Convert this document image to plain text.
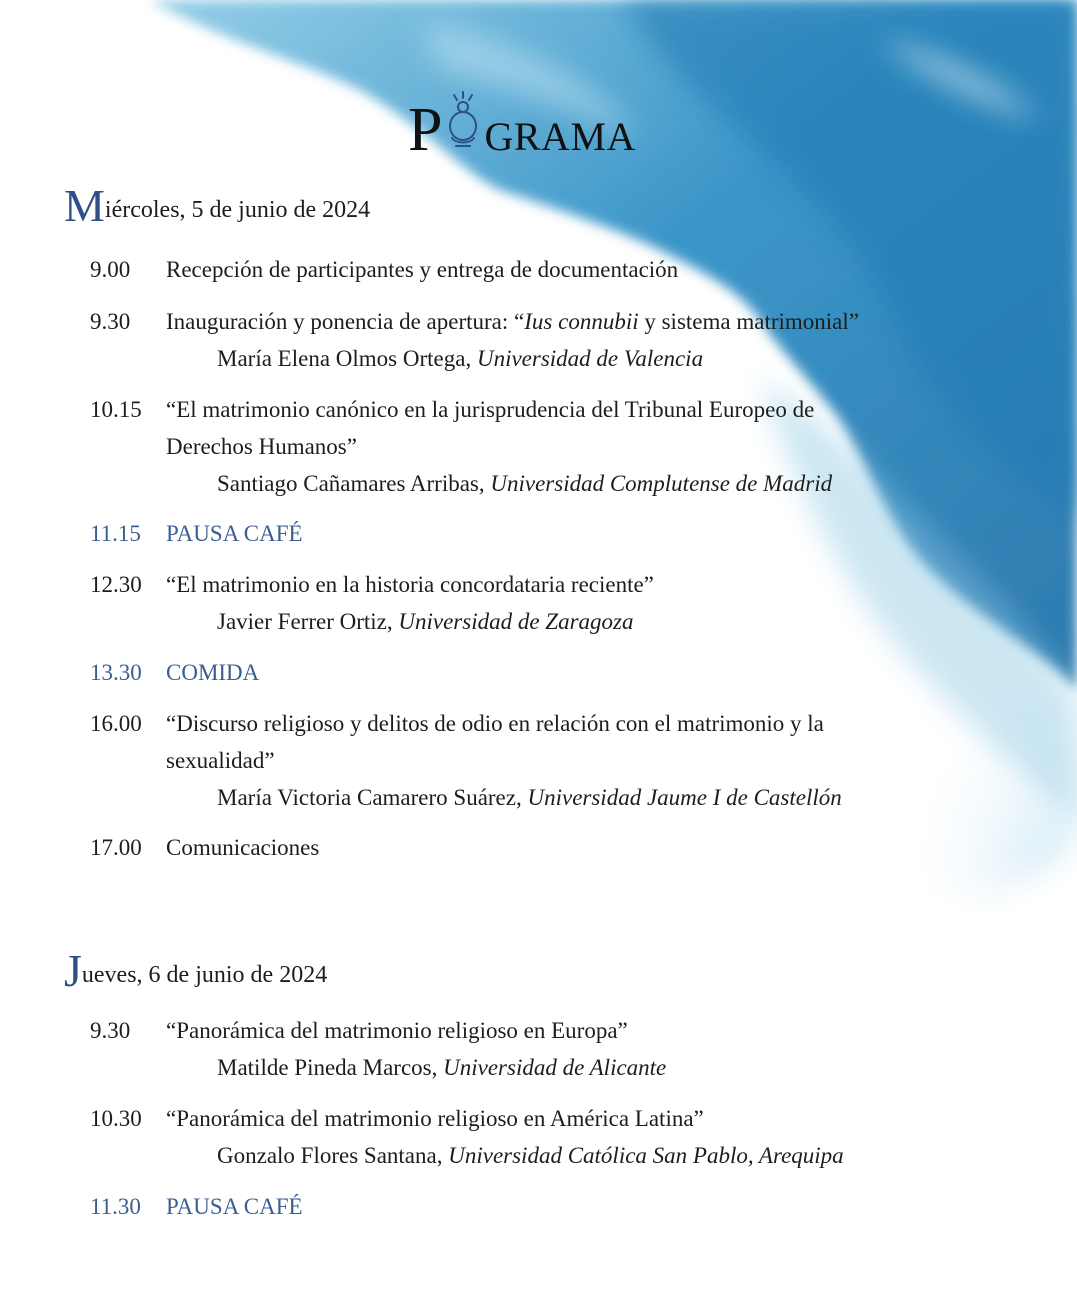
P GRAMA
Miércoles, 5 de junio de 2024
9.00	Recepción de participantes y entrega de documentación
9.30	Inauguración y ponencia de apertura: “Ius connubii y sistema matrimonial”
María Elena Olmos Ortega, Universidad de Valencia
10.15	“El matrimonio canónico en la jurisprudencia del Tribunal Europeo de Derechos Humanos”
Santiago Cañamares Arribas, Universidad Complutense de Madrid
11.15	PAUSA CAFÉ
12.30	“El matrimonio en la historia concordataria reciente”
Javier Ferrer Ortiz, Universidad de Zaragoza
13.30	COMIDA
16.00	“Discurso religioso y delitos de odio en relación con el matrimonio y la sexualidad”
María Victoria Camarero Suárez, Universidad Jaume I de Castellón
17.00	Comunicaciones
Jueves, 6 de junio de 2024
9.30	“Panorámica del matrimonio religioso en Europa”
Matilde Pineda Marcos, Universidad de Alicante
10.30	“Panorámica del matrimonio religioso en América Latina”
Gonzalo Flores Santana, Universidad Católica San Pablo, Arequipa
11.30	PAUSA CAFÉ
